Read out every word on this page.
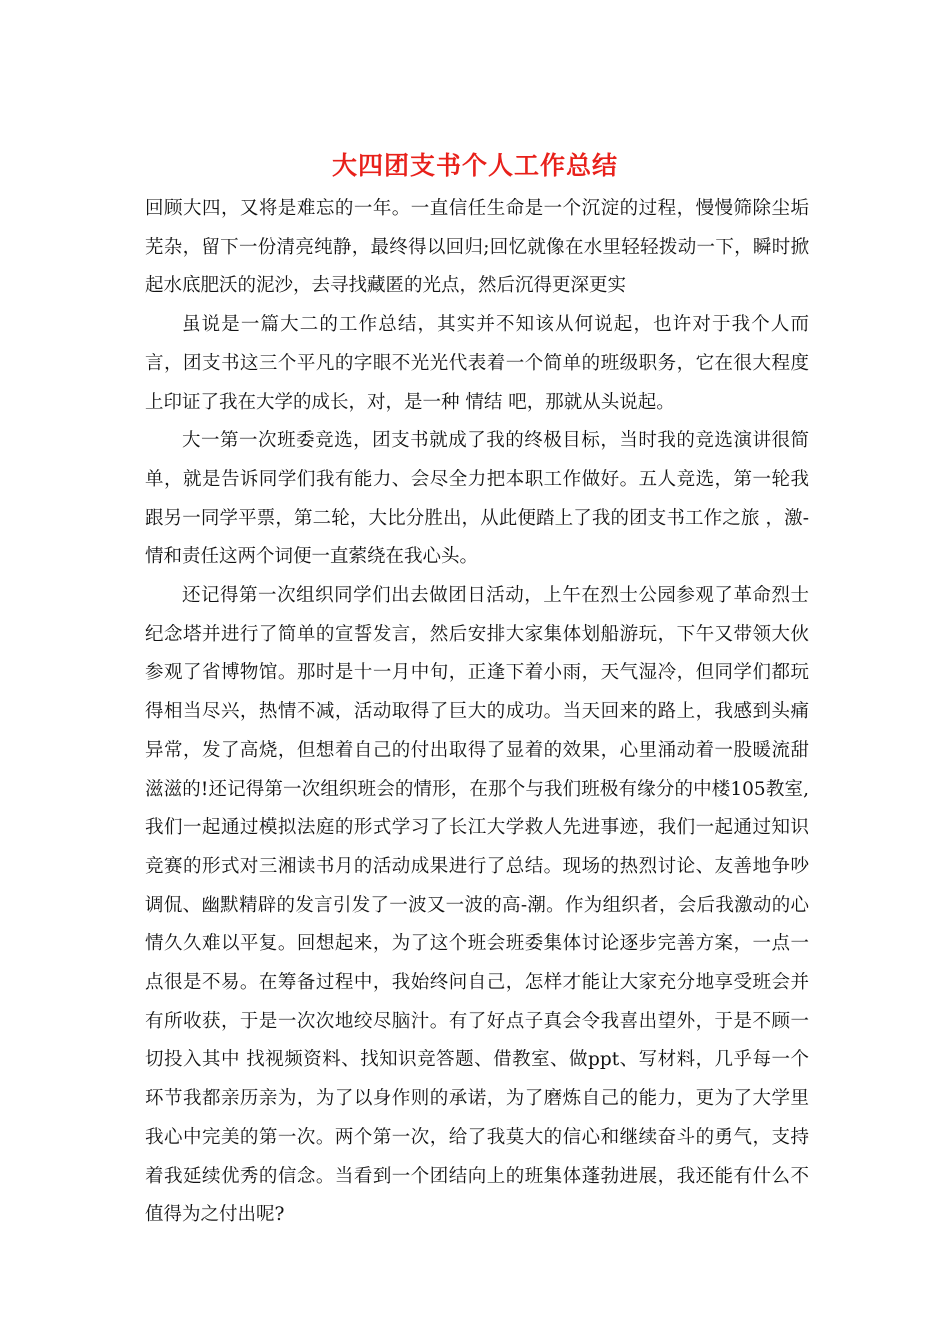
大四团支书个人工作总结

回顾大四，又将是难忘的一年。一直信任生命是一个沉淀的过程，慢慢筛除尘垢芜杂，留下一份清亮纯静，最终得以回归;回忆就像在水里轻轻拨动一下，瞬时掀起水底肥沃的泥沙，去寻找藏匿的光点，然后沉得更深更实

虽说是一篇大二的工作总结，其实并不知该从何说起，也许对于我个人而言，团支书这三个平凡的字眼不光光代表着一个简单的班级职务，它在很大程度上印证了我在大学的成长，对，是一种 情结 吧，那就从头说起。

大一第一次班委竞选，团支书就成了我的终极目标，当时我的竞选演讲很简单，就是告诉同学们我有能力、会尽全力把本职工作做好。五人竞选，第一轮我跟另一同学平票，第二轮，大比分胜出，从此便踏上了我的团支书工作之旅 ，激-情和责任这两个词便一直萦绕在我心头。

还记得第一次组织同学们出去做团日活动，上午在烈士公园参观了革命烈士纪念塔并进行了简单的宣誓发言，然后安排大家集体划船游玩，下午又带领大伙参观了省博物馆。那时是十一月中旬，正逢下着小雨，天气湿冷，但同学们都玩得相当尽兴，热情不减，活动取得了巨大的成功。当天回来的路上，我感到头痛异常，发了高烧，但想着自己的付出取得了显着的效果，心里涌动着一股暖流甜滋滋的!还记得第一次组织班会的情形，在那个与我们班极有缘分的中楼105教室,我们一起通过模拟法庭的形式学习了长江大学救人先进事迹，我们一起通过知识竞赛的形式对三湘读书月的活动成果进行了总结。现场的热烈讨论、友善地争吵调侃、幽默精辟的发言引发了一波又一波的高-潮。作为组织者，会后我激动的心情久久难以平复。回想起来，为了这个班会班委集体讨论逐步完善方案，一点一点很是不易。在筹备过程中，我始终问自己，怎样才能让大家充分地享受班会并有所收获，于是一次次地绞尽脑汁。有了好点子真会令我喜出望外，于是不顾一切投入其中 找视频资料、找知识竞答题、借教室、做ppt、写材料，几乎每一个环节我都亲历亲为，为了以身作则的承诺，为了磨炼自己的能力，更为了大学里我心中完美的第一次。两个第一次，给了我莫大的信心和继续奋斗的勇气，支持着我延续优秀的信念。当看到一个团结向上的班集体蓬勃进展，我还能有什么不值得为之付出呢?
